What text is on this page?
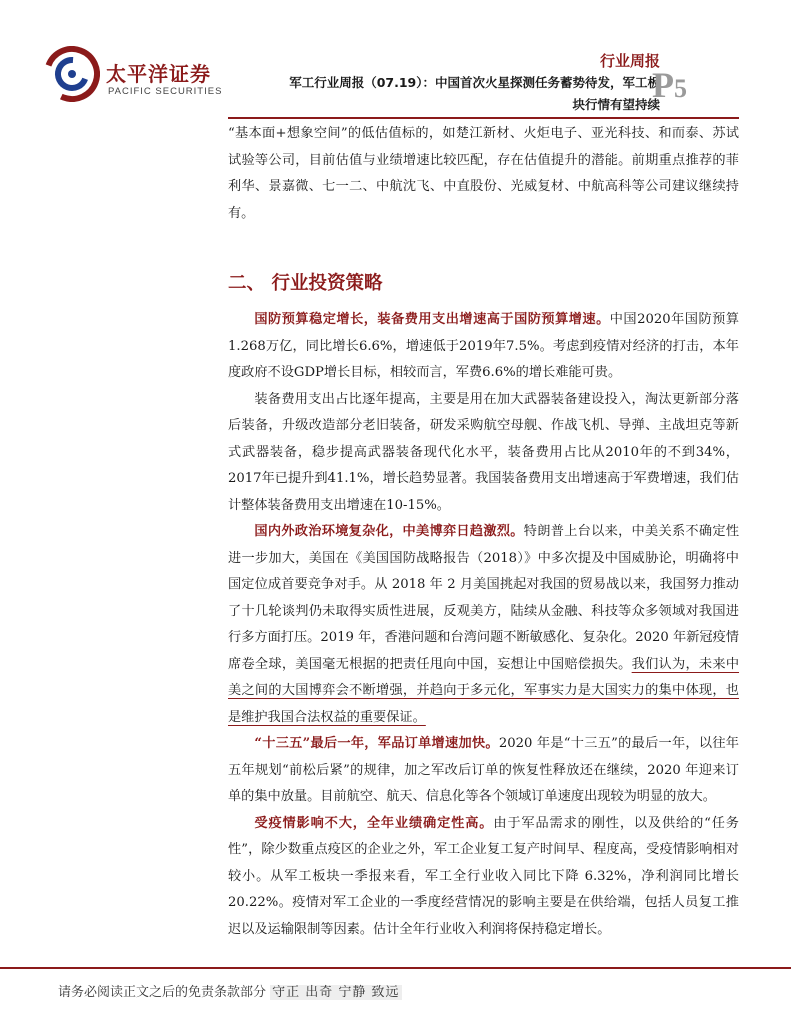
太平洋证券
PACIFIC SECURITIES
行业周报
军工行业周报（07.19）：中国首次火星探测任务蓄势待发，军工板
块行情有望持续
P5

“基本面+想象空间”的低估值标的，如楚江新材、火炬电子、亚光科技、和而泰、苏试试验等公司，目前估值与业绩增速比较匹配，存在估值提升的潜能。前期重点推荐的菲利华、景嘉微、七一二、中航沈飞、中直股份、光威复材、中航高科等公司建议继续持有。

二、 行业投资策略

国防预算稳定增长，装备费用支出增速高于国防预算增速。中国2020年国防预算1.268万亿，同比增长6.6%，增速低于2019年7.5%。考虑到疫情对经济的打击，本年度政府不设GDP增长目标，相较而言，军费6.6%的增长难能可贵。

装备费用支出占比逐年提高，主要是用在加大武器装备建设投入，淘汰更新部分落后装备，升级改造部分老旧装备，研发采购航空母舰、作战飞机、导弹、主战坦克等新式武器装备，稳步提高武器装备现代化水平，装备费用占比从2010年的不到34%，2017年已提升到41.1%，增长趋势显著。我国装备费用支出增速高于军费增速，我们估计整体装备费用支出增速在10-15%。

国内外政治环境复杂化，中美博弈日趋激烈。特朗普上台以来，中美关系不确定性进一步加大，美国在《美国国防战略报告（2018）》中多次提及中国威胁论，明确将中国定位成首要竞争对手。从 2018 年 2 月美国挑起对我国的贸易战以来，我国努力推动了十几轮谈判仍未取得实质性进展，反观美方，陆续从金融、科技等众多领域对我国进行多方面打压。2019 年，香港问题和台湾问题不断敏感化、复杂化。2020 年新冠疫情席卷全球，美国毫无根据的把责任甩向中国，妄想让中国赔偿损失。我们认为，未来中美之间的大国博弈会不断增强，并趋向于多元化，军事实力是大国实力的集中体现，也是维护我国合法权益的重要保证。

“十三五”最后一年，军品订单增速加快。2020 年是“十三五”的最后一年，以往年五年规划“前松后紧”的规律，加之军改后订单的恢复性释放还在继续，2020 年迎来订单的集中放量。目前航空、航天、信息化等各个领域订单速度出现较为明显的放大。

受疫情影响不大，全年业绩确定性高。由于军品需求的刚性，以及供给的“任务性”，除少数重点疫区的企业之外，军工企业复工复产时间早、程度高，受疫情影响相对较小。从军工板块一季报来看，军工全行业收入同比下降 6.32%，净利润同比增长 20.22%。疫情对军工企业的一季度经营情况的影响主要是在供给端，包括人员复工推迟以及运输限制等因素。估计全年行业收入利润将保持稳定增长。

请务必阅读正文之后的免责条款部分 守正 出奇 宁静 致远
